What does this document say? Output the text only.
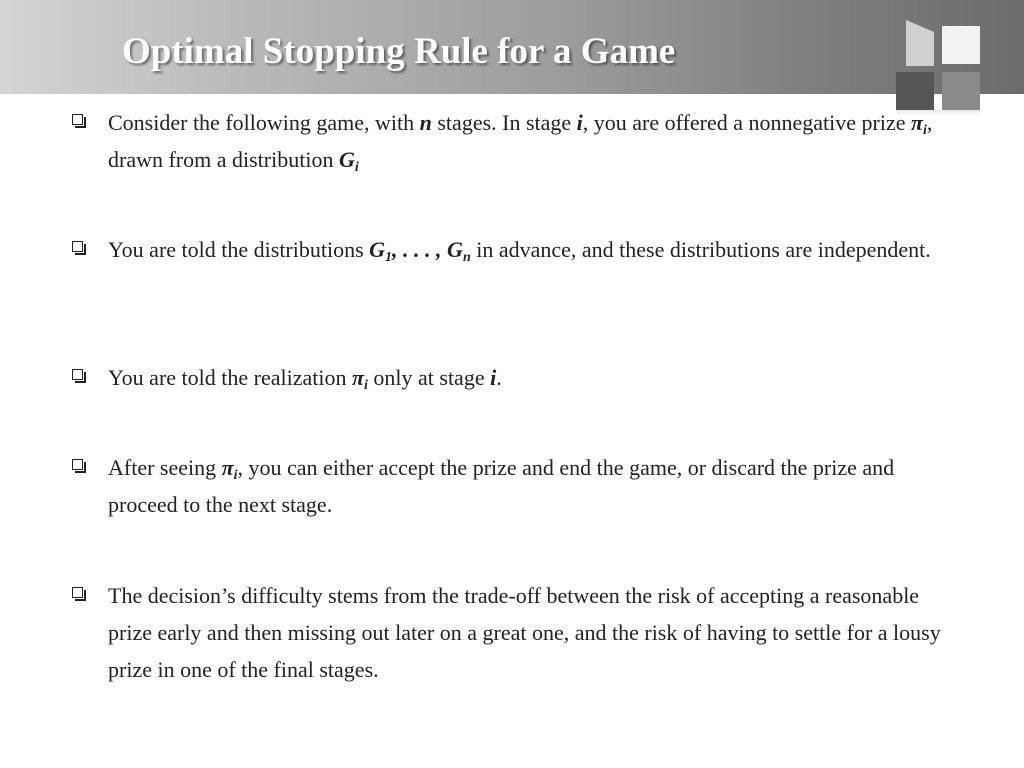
Optimal Stopping Rule for a Game
Consider the following game, with n stages. In stage i, you are offered a nonnegative prize $\pi_i$, drawn from a distribution $G_i$
You are told the distributions $G_1$, . . . , $G_n$ in advance, and these distributions are independent.
You are told the realization $\pi_i$ only at stage i.
After seeing $\pi_i$, you can either accept the prize and end the game, or discard the prize and proceed to the next stage.
The decision’s difficulty stems from the trade-off between the risk of accepting a reasonable prize early and then missing out later on a great one, and the risk of having to settle for a lousy prize in one of the final stages.
